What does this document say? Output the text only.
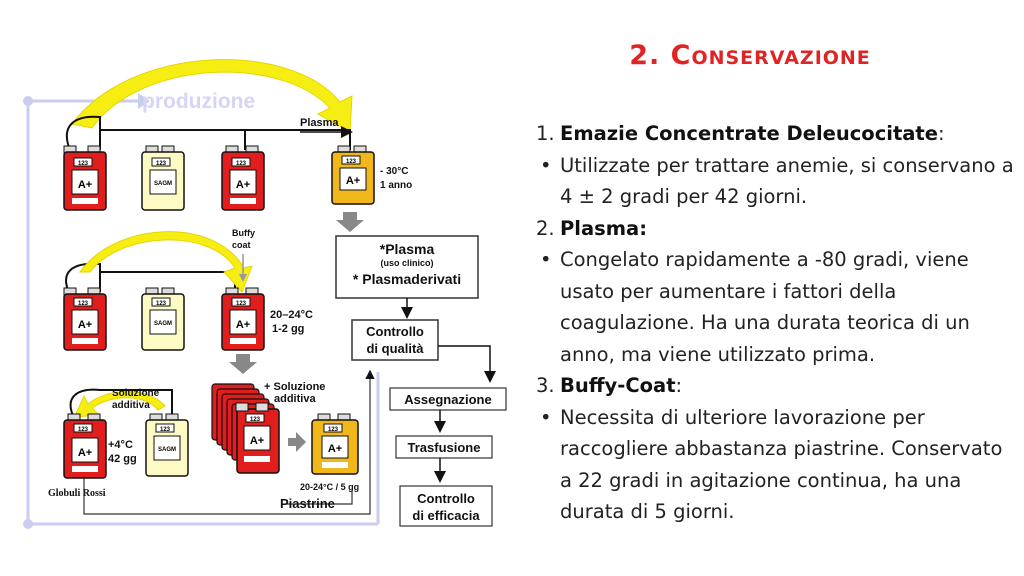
produzione
Plasma
Soluzione
additiva
123
A+
123
SAGM
123
A+
123
A+
- 30°C
1 anno
*Plasma
(uso clinico)
* Plasmaderivati
Controllo
di qualità
Buffy
coat
123
A+
123
SAGM
123
A+
20–24°C
1-2 gg
123
A+
+ Soluzione
additiva
123
A+
20-24°C / 5 gg
123
A+
+4°C
42 gg
123
SAGM
Globuli Rossi
Piastrine
Assegnazione
Trasfusione
Controllo
di efficacia
2. Conservazione
1. Emazie Concentrate Deleucocitate:
• Utilizzate per trattare anemie, si conservano a 4 ± 2 gradi per 42 giorni.
2. Plasma:
• Congelato rapidamente a -80 gradi, viene usato per aumentare i fattori della coagulazione. Ha una durata teorica di un anno, ma viene utilizzato prima.
3. Buffy-Coat:
• Necessita di ulteriore lavorazione per raccogliere abbastanza piastrine. Conservato a 22 gradi in agitazione continua, ha una durata di 5 giorni.
